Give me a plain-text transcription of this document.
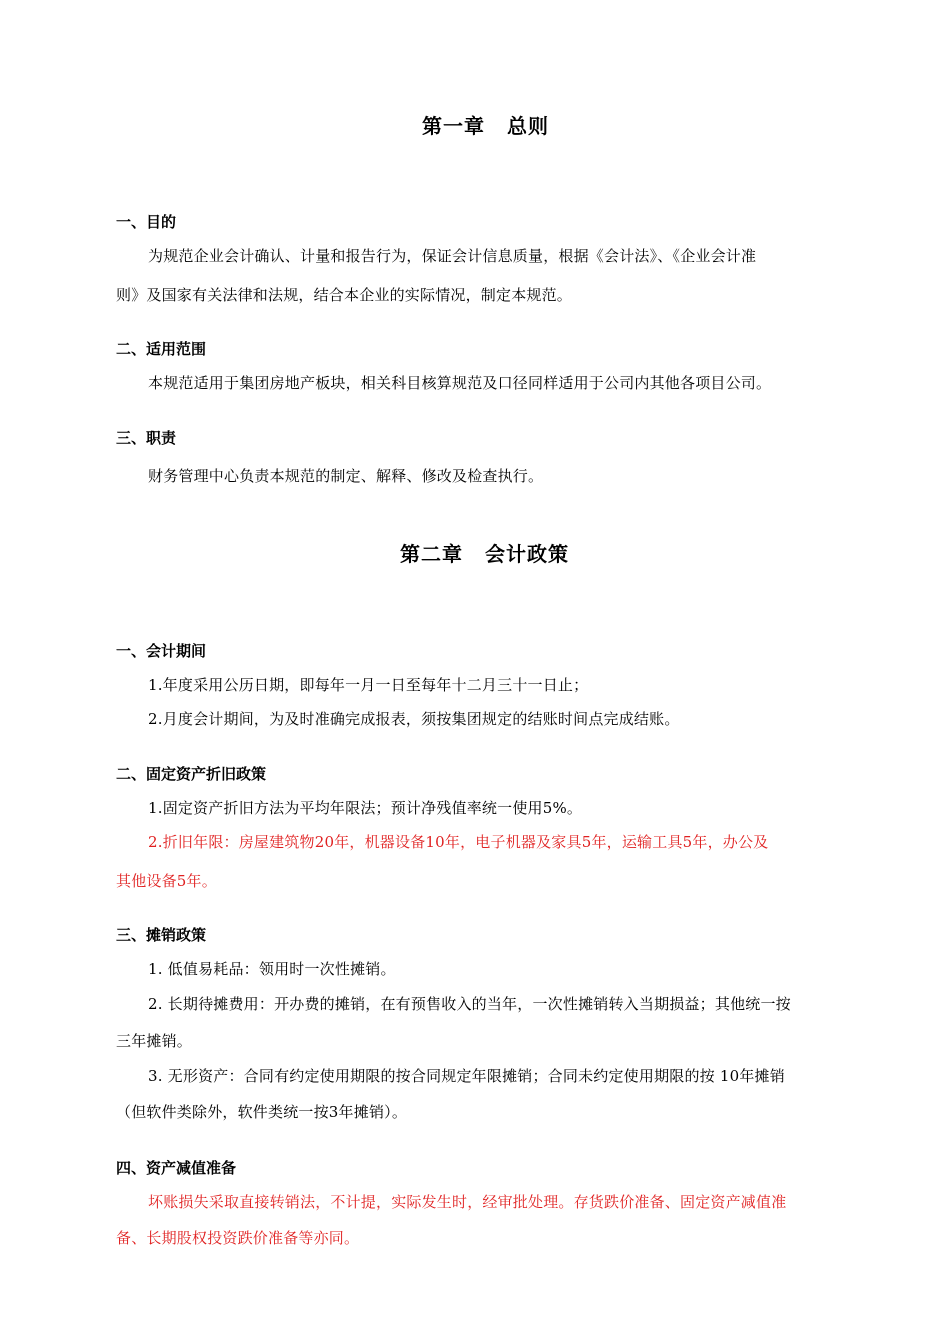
第一章 总则
一、目的
为规范企业会计确认、计量和报告行为，保证会计信息质量，根据《会计法》、《企业会计准
则》及国家有关法律和法规，结合本企业的实际情况，制定本规范。
二、适用范围
本规范适用于集团房地产板块，相关科目核算规范及口径同样适用于公司内其他各项目公司。
三、职责
财务管理中心负责本规范的制定、解释、修改及检查执行。
第二章 会计政策
一、会计期间
1.年度采用公历日期，即每年一月一日至每年十二月三十一日止；
2.月度会计期间，为及时准确完成报表，须按集团规定的结账时间点完成结账。
二、固定资产折旧政策
1.固定资产折旧方法为平均年限法；预计净残值率统一使用5%。
2.折旧年限：房屋建筑物20年，机器设备10年，电子机器及家具5年，运输工具5年，办公及
其他设备5年。
三、摊销政策
1. 低值易耗品：领用时一次性摊销。
2. 长期待摊费用：开办费的摊销，在有预售收入的当年，一次性摊销转入当期损益；其他统一按
三年摊销。
3. 无形资产：合同有约定使用期限的按合同规定年限摊销；合同未约定使用期限的按 10年摊销
（但软件类除外，软件类统一按3年摊销）。
四、资产减值准备
坏账损失采取直接转销法，不计提，实际发生时，经审批处理。存货跌价准备、固定资产减值准
备、长期股权投资跌价准备等亦同。
